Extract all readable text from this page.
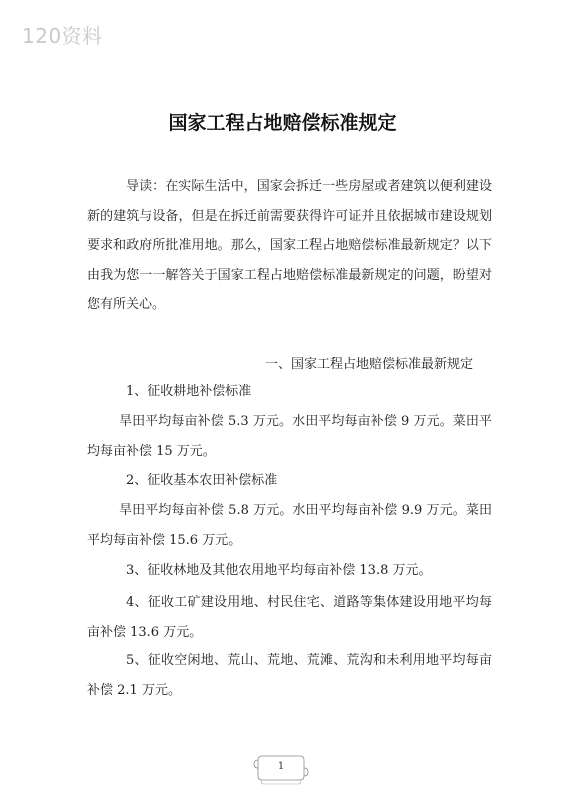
120资料
国家工程占地赔偿标准规定

导读：在实际生活中，国家会拆迁一些房屋或者建筑以便利建设新的建筑与设备，但是在拆迁前需要获得许可证并且依据城市建设规划要求和政府所批准用地。那么，国家工程占地赔偿标准最新规定？以下由我为您一一解答关于国家工程占地赔偿标准最新规定的问题，盼望对您有所关心。

一、国家工程占地赔偿标准最新规定
1、征收耕地补偿标准
旱田平均每亩补偿 5.3 万元。水田平均每亩补偿 9 万元。菜田平均每亩补偿 15 万元。
2、征收基本农田补偿标准
旱田平均每亩补偿 5.8 万元。水田平均每亩补偿 9.9 万元。菜田平均每亩补偿 15.6 万元。
3、征收林地及其他农用地平均每亩补偿 13.8 万元。
4、征收工矿建设用地、村民住宅、道路等集体建设用地平均每亩补偿 13.6 万元。
5、征收空闲地、荒山、荒地、荒滩、荒沟和未利用地平均每亩补偿 2.1 万元。
1
